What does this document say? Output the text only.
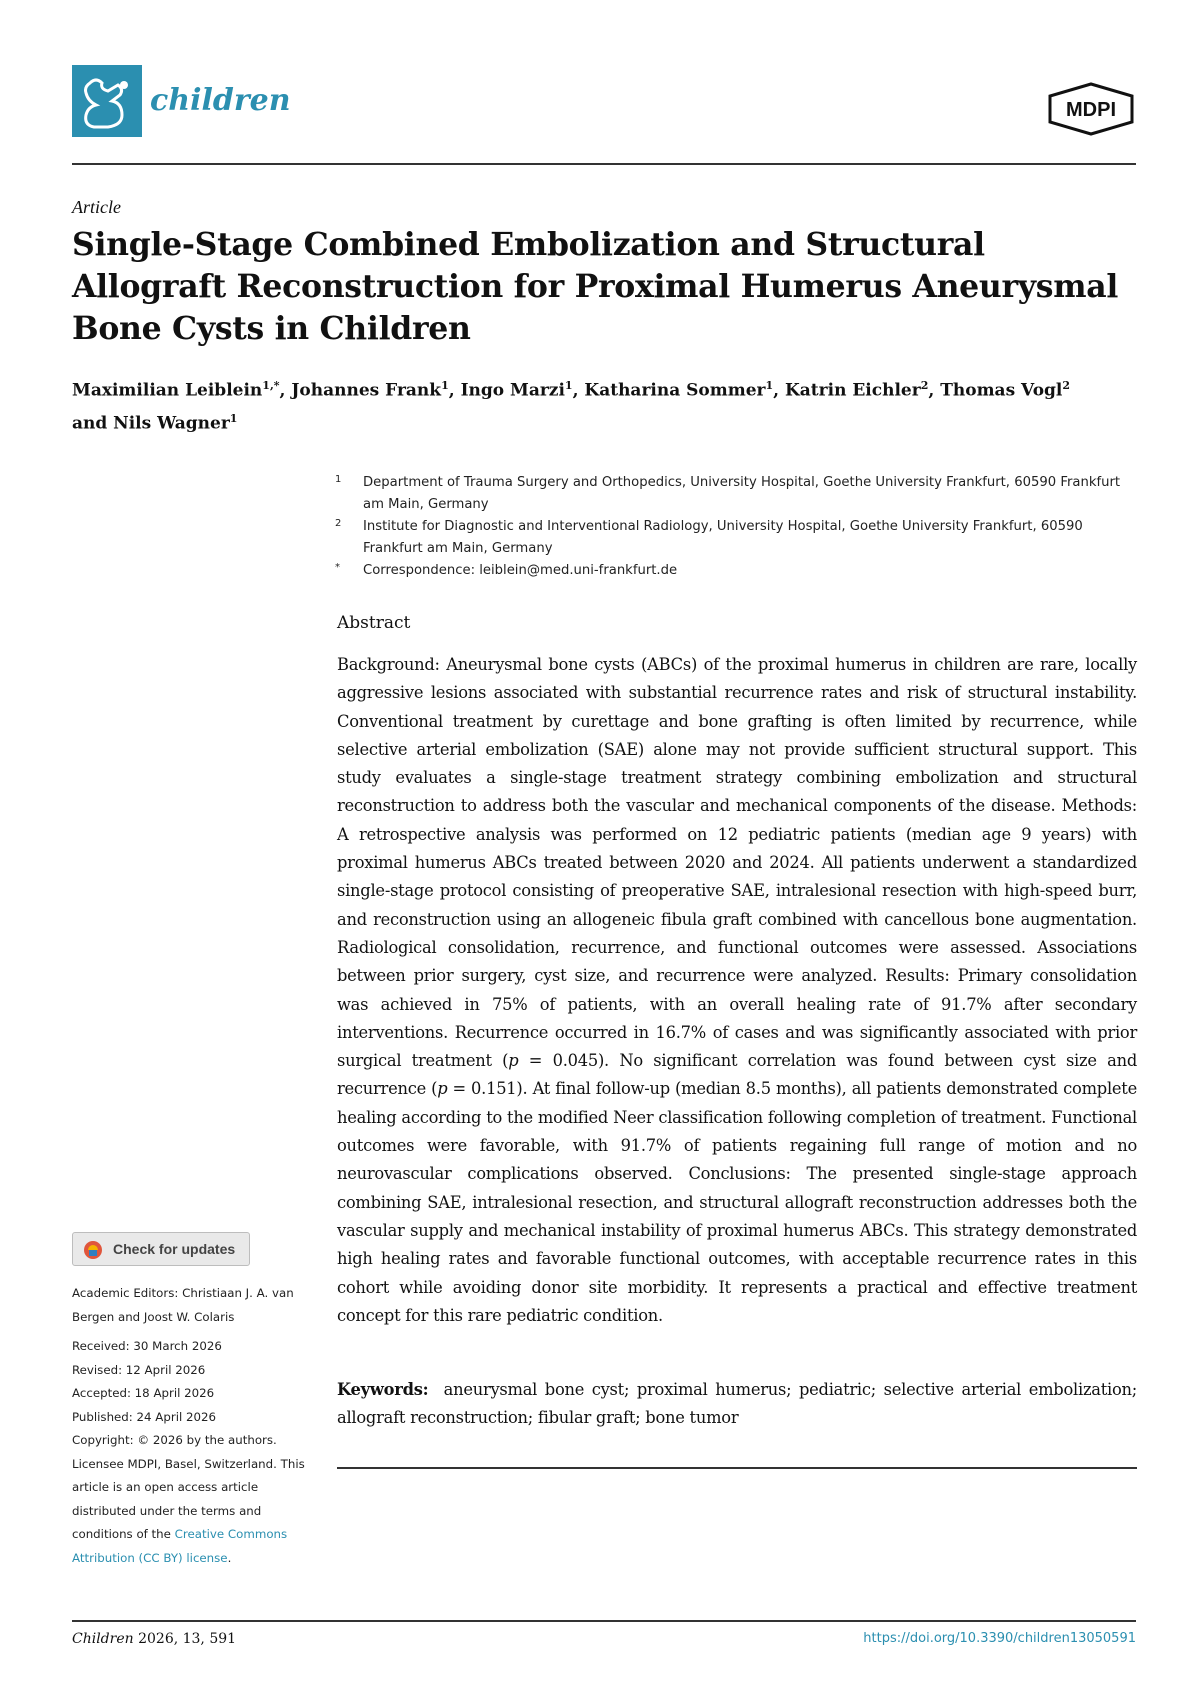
children	MDPI
Article
Single-Stage Combined Embolization and Structural Allograft Reconstruction for Proximal Humerus Aneurysmal Bone Cysts in Children
Maximilian Leiblein$^{1,*}$, Johannes Frank$^1$, Ingo Marzi$^1$, Katharina Sommer$^1$, Katrin Eichler$^2$, Thomas Vogl$^2$
and Nils Wagner$^1$
1 Department of Trauma Surgery and Orthopedics, University Hospital, Goethe University Frankfurt, 60590 Frankfurt am Main, Germany
2 Institute for Diagnostic and Interventional Radiology, University Hospital, Goethe University Frankfurt, 60590 Frankfurt am Main, Germany
* Correspondence: leiblein@med.uni-frankfurt.de
Abstract
Background: Aneurysmal bone cysts (ABCs) of the proximal humerus in children are rare, locally aggressive lesions associated with substantial recurrence rates and risk of structural instability. Conventional treatment by curettage and bone grafting is often limited by recurrence, while selective arterial embolization (SAE) alone may not provide sufficient structural support. This study evaluates a single-stage treatment strategy combining embolization and structural reconstruction to address both the vascular and mechanical components of the disease. Methods: A retrospective analysis was performed on 12 pediatric patients (median age 9 years) with proximal humerus ABCs treated between 2020 and 2024. All patients underwent a standardized single-stage protocol consisting of preoperative SAE, intralesional resection with high-speed burr, and reconstruction using an allogeneic fibula graft combined with cancellous bone augmentation. Radiological consolidation, recurrence, and functional outcomes were assessed. Associations between prior surgery, cyst size, and recurrence were analyzed. Results: Primary consolidation was achieved in 75% of patients, with an overall healing rate of 91.7% after secondary interventions. Recurrence occurred in 16.7% of cases and was significantly associated with prior surgical treatment (p = 0.045). No significant correlation was found between cyst size and recurrence (p = 0.151). At final follow-up (median 8.5 months), all patients demonstrated complete healing according to the modified Neer classification following completion of treatment. Functional outcomes were favorable, with 91.7% of patients regaining full range of motion and no neurovascular complications observed. Conclusions: The presented single-stage approach combining SAE, intralesional resection, and structural allograft reconstruction addresses both the vascular supply and mechanical instability of proximal humerus ABCs. This strategy demonstrated high healing rates and favorable functional outcomes, with acceptable recurrence rates in this cohort while avoiding donor site morbidity. It represents a practical and effective treatment concept for this rare pediatric condition.
Keywords: aneurysmal bone cyst; proximal humerus; pediatric; selective arterial embolization; allograft reconstruction; fibular graft; bone tumor
Check for updates

Academic Editors: Christiaan J. A. van Bergen and Joost W. Colaris

Received: 30 March 2026

Revised: 12 April 2026

Accepted: 18 April 2026

Published: 24 April 2026

Copyright: © 2026 by the authors. Licensee MDPI, Basel, Switzerland. This article is an open access article distributed under the terms and conditions of the Creative Commons Attribution (CC BY) license.

Children 2026, 13, 591	https://doi.org/10.3390/children13050591
